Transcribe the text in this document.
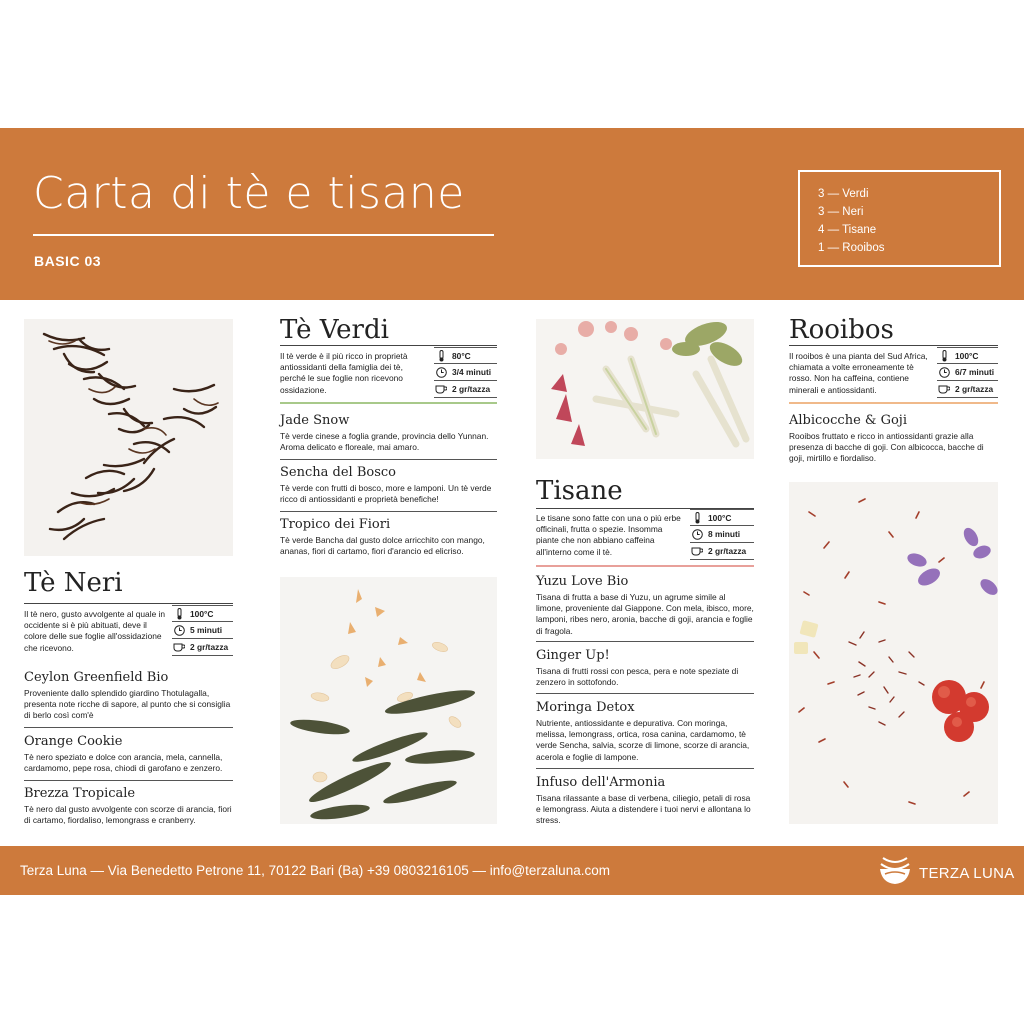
Carta di tè e tisane
BASIC 03
3 — Verdi
3 — Neri
4 — Tisane
1 — Rooibos
Tè Neri
Il tè nero, gusto avvolgente al quale in occidente si è più abituati, deve il colore delle sue foglie all'ossidazione che ricevono.
100°C
5 minuti
2 gr/tazza
Ceylon Greenfield Bio
Proveniente dallo splendido giardino Thotulagalla, presenta note ricche di sapore, al punto che si consiglia di berlo così com'è
Orange Cookie
Tè nero speziato e dolce con arancia, mela, cannella, cardamomo, pepe rosa, chiodi di garofano e zenzero.
Brezza Tropicale
Tè nero dal gusto avvolgente con scorze di arancia, fiori di cartamo, fiordaliso, lemongrass e cranberry.
Tè Verdi
Il tè verde è il più ricco in proprietà antiossidanti della famiglia dei tè, perché le sue foglie non ricevono ossidazione.
80°C
3/4 minuti
2 gr/tazza
Jade Snow
Tè verde cinese a foglia grande, provincia dello Yunnan. Aroma delicato e floreale, mai amaro.
Sencha del Bosco
Tè verde con frutti di bosco, more e lamponi. Un tè verde ricco di antiossidanti e proprietà benefiche!
Tropico dei Fiori
Tè verde Bancha dal gusto dolce arricchito con mango, ananas, fiori di cartamo, fiori d'arancio ed elicriso.
Tisane
Le tisane sono fatte con una o più erbe officinali, frutta o spezie. Insomma piante che non abbiano caffeina all'interno come il tè.
100°C
8 minuti
2 gr/tazza
Yuzu Love Bio
Tisana di frutta a base di Yuzu, un agrume simile al limone, proveniente dal Giappone. Con mela, ibisco, more, lamponi, ribes nero, aronia, bacche di goji, arancia e foglie di fragola.
Ginger Up!
Tisana di frutti rossi con pesca, pera e note speziate di zenzero in sottofondo.
Moringa Detox
Nutriente, antiossidante e depurativa. Con moringa, melissa, lemongrass, ortica, rosa canina, cardamomo, tè verde Sencha, salvia, scorze di limone, scorze di arancia, acerola e foglie di lampone.
Infuso dell'Armonia
Tisana rilassante a base di verbena, ciliegio, petali di rosa e lemongrass. Aiuta a distendere i tuoi nervi e allontana lo stress.
Rooibos
Il rooibos è una pianta del Sud Africa, chiamata a volte erroneamente tè rosso. Non ha caffeina, contiene minerali e antiossidanti.
100°C
6/7 minuti
2 gr/tazza
Albicocche & Goji
Rooibos fruttato e ricco in antiossidanti grazie alla presenza di bacche di goji. Con albicocca, bacche di goji, mirtillo e fiordaliso.
Terza Luna — Via Benedetto Petrone 11, 70122 Bari (Ba) +39 0803216105 — info@terzaluna.com	TERZA LUNA
